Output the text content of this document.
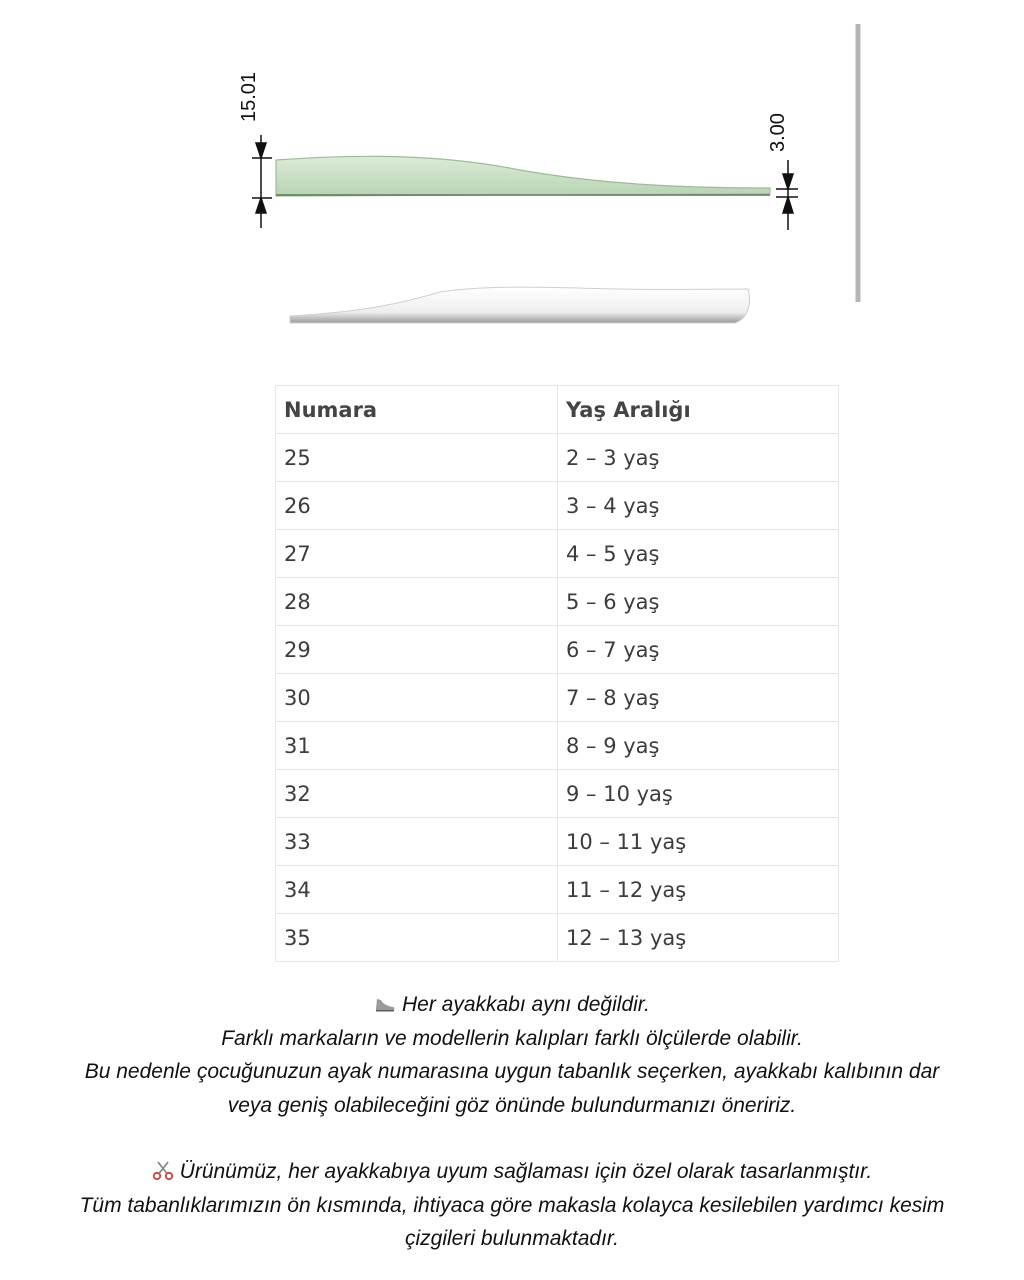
15.01
3.00
Numara	Yaş Aralığı
25	2 – 3 yaş
26	3 – 4 yaş
27	4 – 5 yaş
28	5 – 6 yaş
29	6 – 7 yaş
30	7 – 8 yaş
31	8 – 9 yaş
32	9 – 10 yaş
33	10 – 11 yaş
34	11 – 12 yaş
35	12 – 13 yaş

Her ayakkabı aynı değildir.

Farklı markaların ve modellerin kalıpları farklı ölçülerde olabilir.

Bu nedenle çocuğunuzun ayak numarasına uygun tabanlık seçerken, ayakkabı kalıbının dar

veya geniş olabileceğini göz önünde bulundurmanızı öneririz.

Ürünümüz, her ayakkabıya uyum sağlaması için özel olarak tasarlanmıştır.

Tüm tabanlıklarımızın ön kısmında, ihtiyaca göre makasla kolayca kesilebilen yardımcı kesim

çizgileri bulunmaktadır.
